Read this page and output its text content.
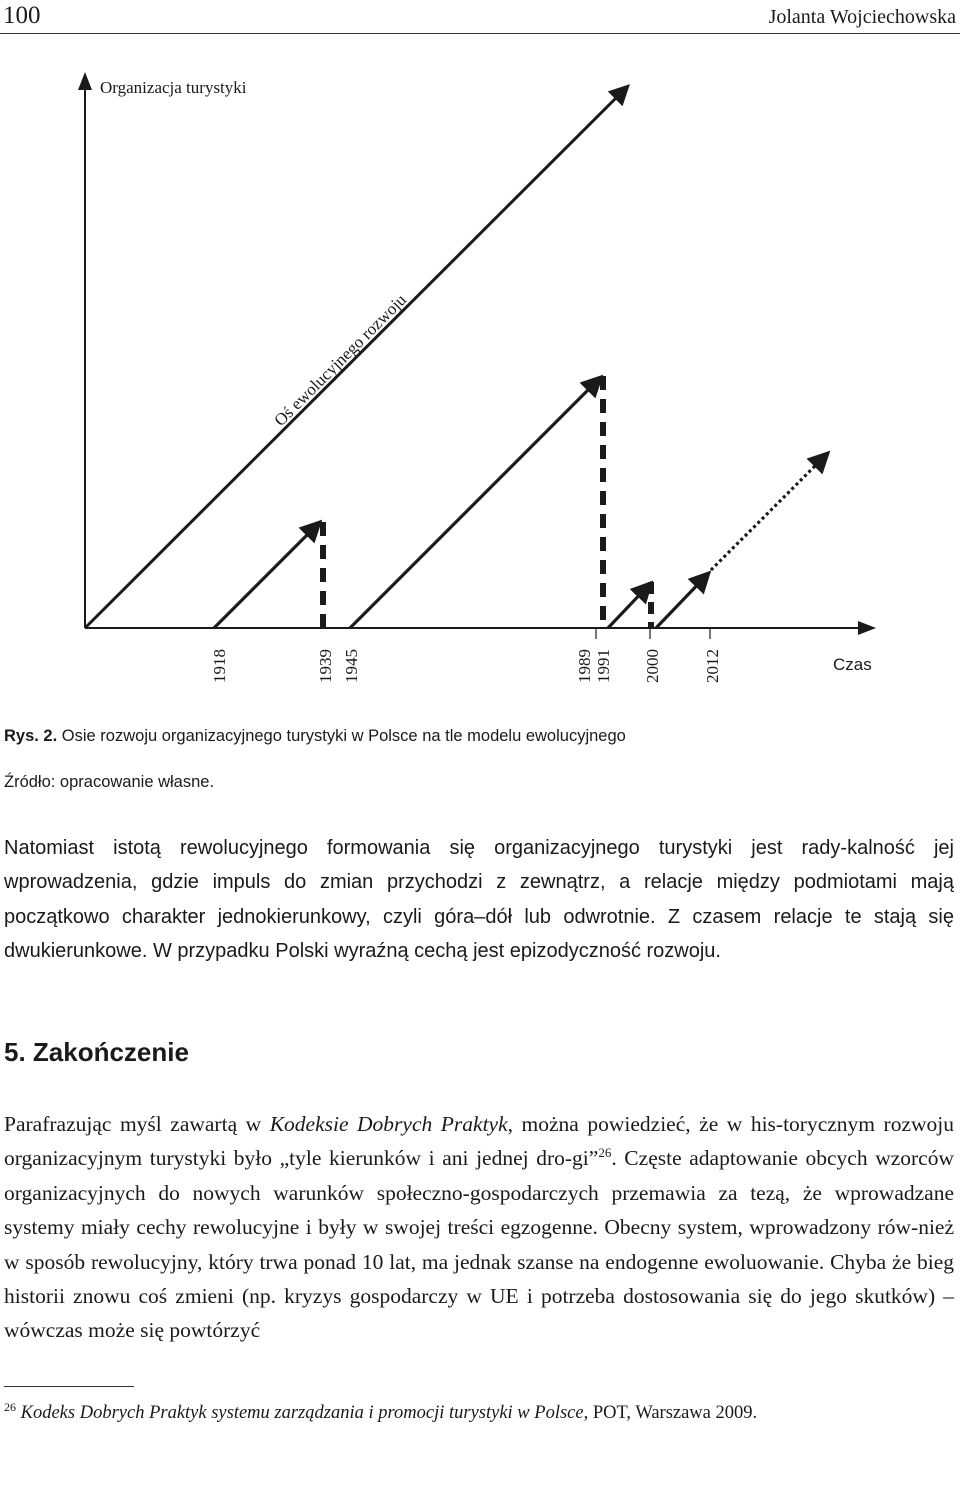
100	Jolanta Wojciechowska
Organizacja turystyki
Czas
Oś ewolucyjnego rozwoju
1918	1939 1945	1989 1991 2000 2012
Rys. 2. Osie rozwoju organizacyjnego turystyki w Polsce na tle modelu ewolucyjnego
Źródło: opracowanie własne.

Natomiast istotą rewolucyjnego formowania się organizacyjnego turystyki jest rady-kalność jej wprowadzenia, gdzie impuls do zmian przychodzi z zewnątrz, a relacje między podmiotami mają początkowo charakter jednokierunkowy, czyli góra–dół lub odwrotnie. Z czasem relacje te stają się dwukierunkowe. W przypadku Polski wyraźną cechą jest epizodyczność rozwoju.

5. Zakończenie

Parafrazując myśl zawartą w Kodeksie Dobrych Praktyk, można powiedzieć, że w his-torycznym rozwoju organizacyjnym turystyki było „tyle kierunków i ani jednej dro-gi”$^{26}$. Częste adaptowanie obcych wzorców organizacyjnych do nowych warunków społeczno-gospodarczych przemawia za tezą, że wprowadzane systemy miały cechy rewolucyjne i były w swojej treści egzogenne. Obecny system, wprowadzony rów-nież w sposób rewolucyjny, który trwa ponad 10 lat, ma jednak szanse na endogenne ewoluowanie. Chyba że bieg historii znowu coś zmieni (np. kryzys gospodarczy w UE i potrzeba dostosowania się do jego skutków) – wówczas może się powtórzyć

$^{26}$ Kodeks Dobrych Praktyk systemu zarządzania i promocji turystyki w Polsce, POT, Warszawa 2009.
